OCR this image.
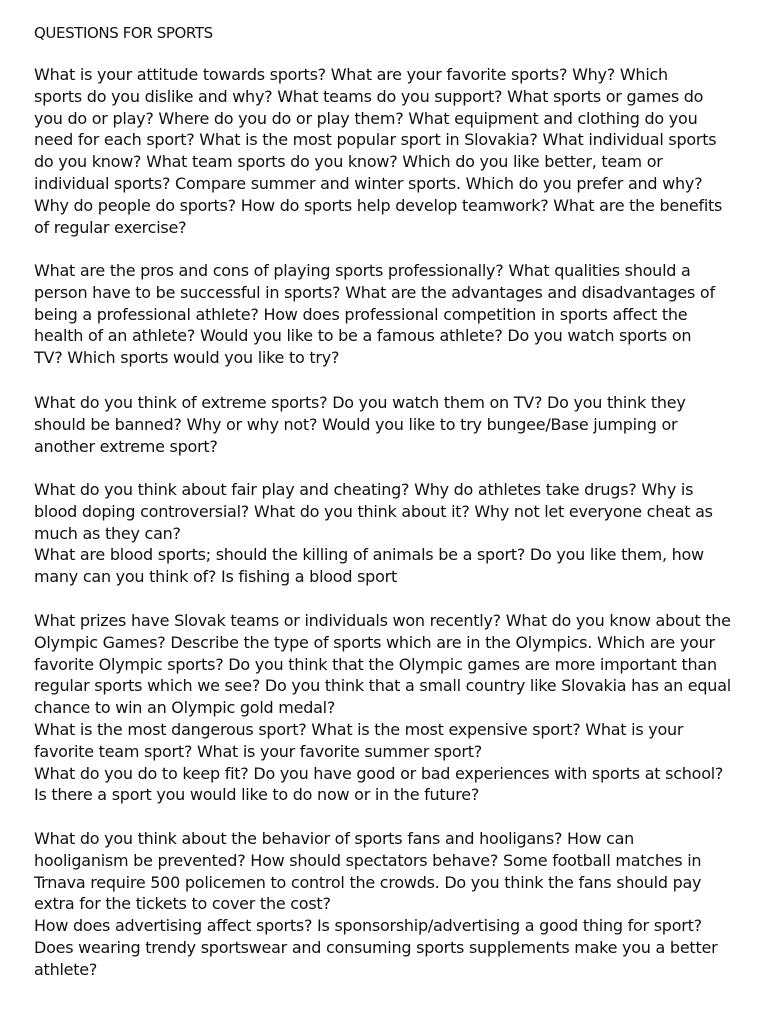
QUESTIONS FOR SPORTS

What is your attitude towards sports? What are your favorite sports? Why? Which
sports do you dislike and why? What teams do you support? What sports or games do
you do or play? Where do you do or play them? What equipment and clothing do you
need for each sport? What is the most popular sport in Slovakia? What individual sports
do you know? What team sports do you know? Which do you like better, team or
individual sports? Compare summer and winter sports. Which do you prefer and why?
Why do people do sports? How do sports help develop teamwork? What are the benefits
of regular exercise?

What are the pros and cons of playing sports professionally? What qualities should a
person have to be successful in sports? What are the advantages and disadvantages of
being a professional athlete? How does professional competition in sports affect the
health of an athlete? Would you like to be a famous athlete? Do you watch sports on
TV? Which sports would you like to try?

What do you think of extreme sports? Do you watch them on TV? Do you think they
should be banned? Why or why not? Would you like to try bungee/Base jumping or
another extreme sport?

What do you think about fair play and cheating? Why do athletes take drugs? Why is
blood doping controversial? What do you think about it? Why not let everyone cheat as
much as they can?
What are blood sports; should the killing of animals be a sport? Do you like them, how
many can you think of? Is fishing a blood sport

What prizes have Slovak teams or individuals won recently? What do you know about the
Olympic Games? Describe the type of sports which are in the Olympics. Which are your
favorite Olympic sports? Do you think that the Olympic games are more important than
regular sports which we see? Do you think that a small country like Slovakia has an equal
chance to win an Olympic gold medal?
What is the most dangerous sport? What is the most expensive sport? What is your
favorite team sport? What is your favorite summer sport?
What do you do to keep fit? Do you have good or bad experiences with sports at school?
Is there a sport you would like to do now or in the future?

What do you think about the behavior of sports fans and hooligans? How can
hooliganism be prevented? How should spectators behave? Some football matches in
Trnava require 500 policemen to control the crowds. Do you think the fans should pay
extra for the tickets to cover the cost?
How does advertising affect sports? Is sponsorship/advertising a good thing for sport?
Does wearing trendy sportswear and consuming sports supplements make you a better
athlete?
